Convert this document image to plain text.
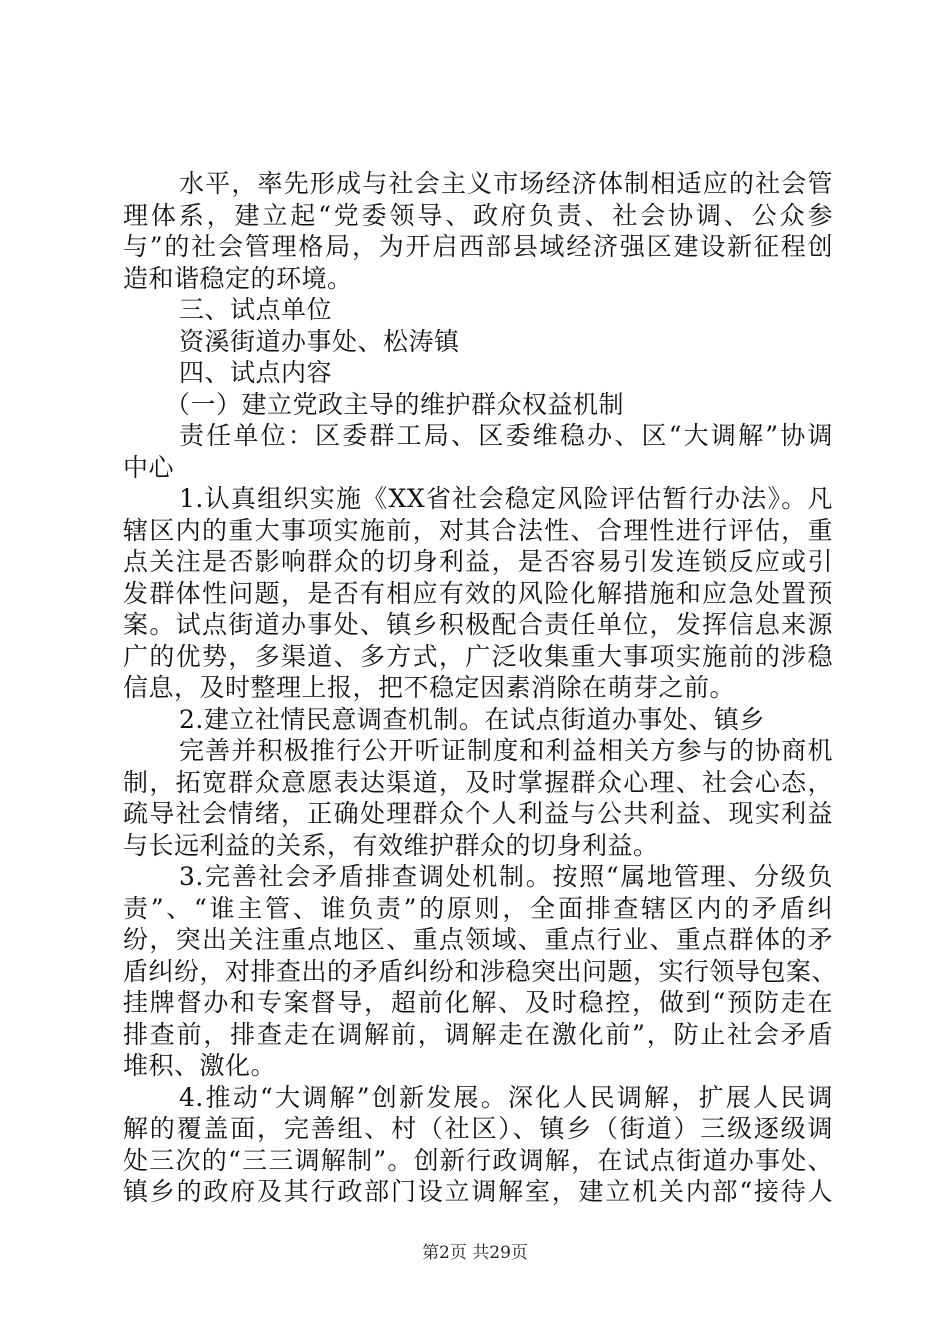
水平，率先形成与社会主义市场经济体制相适应的社会管
理体系，建立起“党委领导、政府负责、社会协调、公众参
与”的社会管理格局，为开启西部县域经济强区建设新征程创
造和谐稳定的环境。
三、试点单位
资溪街道办事处、松涛镇
四、试点内容
（一）建立党政主导的维护群众权益机制
责任单位：区委群工局、区委维稳办、区“大调解”协调
中心
1.认真组织实施《XX省社会稳定风险评估暂行办法》。凡
辖区内的重大事项实施前，对其合法性、合理性进行评估，重
点关注是否影响群众的切身利益，是否容易引发连锁反应或引
发群体性问题，是否有相应有效的风险化解措施和应急处置预
案。试点街道办事处、镇乡积极配合责任单位，发挥信息来源
广的优势，多渠道、多方式，广泛收集重大事项实施前的涉稳
信息，及时整理上报，把不稳定因素消除在萌芽之前。
2.建立社情民意调查机制。在试点街道办事处、镇乡
完善并积极推行公开听证制度和利益相关方参与的协商机
制，拓宽群众意愿表达渠道，及时掌握群众心理、社会心态，
疏导社会情绪，正确处理群众个人利益与公共利益、现实利益
与长远利益的关系，有效维护群众的切身利益。
3.完善社会矛盾排查调处机制。按照“属地管理、分级负
责”、“谁主管、谁负责”的原则，全面排查辖区内的矛盾纠
纷，突出关注重点地区、重点领域、重点行业、重点群体的矛
盾纠纷，对排查出的矛盾纠纷和涉稳突出问题，实行领导包案、
挂牌督办和专案督导，超前化解、及时稳控，做到“预防走在
排查前，排查走在调解前，调解走在激化前”，防止社会矛盾
堆积、激化。
4.推动“大调解”创新发展。深化人民调解，扩展人民调
解的覆盖面，完善组、村（社区）、镇乡（街道）三级逐级调
处三次的“三三调解制”。创新行政调解，在试点街道办事处、
镇乡的政府及其行政部门设立调解室，建立机关内部“接待人
第2页 共29页
